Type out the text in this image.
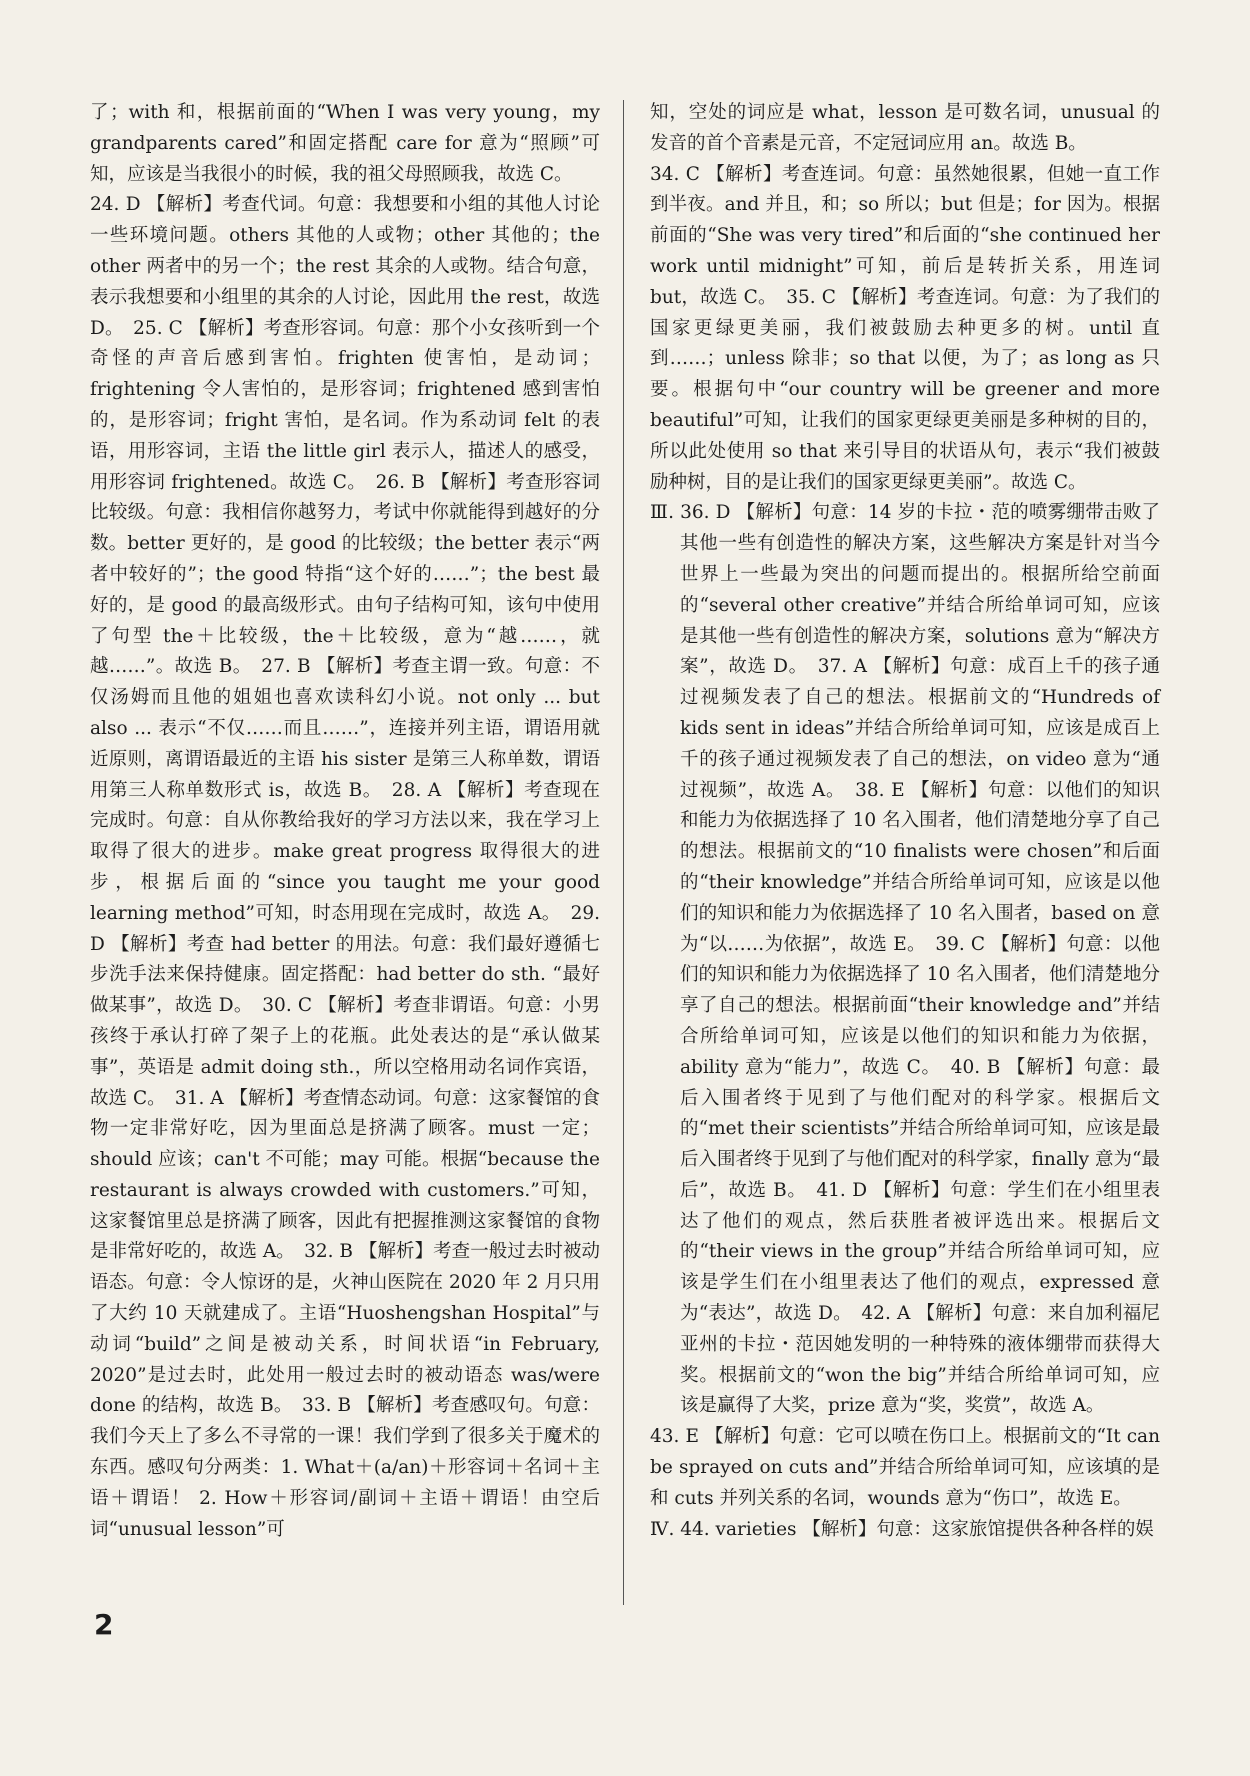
了；with 和，根据前面的“When I was very young，my grandparents cared”和固定搭配 care for 意为“照顾”可知，应该是当我很小的时候，我的祖父母照顾我，故选 C。

24. D 【解析】考查代词。句意：我想要和小组的其他人讨论一些环境问题。others 其他的人或物；other 其他的；the other 两者中的另一个；the rest 其余的人或物。结合句意，表示我想要和小组里的其余的人讨论，因此用 the rest，故选 D。　25. C 【解析】考查形容词。句意：那个小女孩听到一个奇怪的声音后感到害怕。frighten 使害怕，是动词；frightening 令人害怕的，是形容词；frightened 感到害怕的，是形容词；fright 害怕，是名词。作为系动词 felt 的表语，用形容词，主语 the little girl 表示人，描述人的感受，用形容词 frightened。故选 C。　26. B 【解析】考查形容词比较级。句意：我相信你越努力，考试中你就能得到越好的分数。better 更好的，是 good 的比较级；the better 表示“两者中较好的”；the good 特指“这个好的……”；the best 最好的，是 good 的最高级形式。由句子结构可知，该句中使用了句型 the＋比较级，the＋比较级，意为“越……，就越……”。故选 B。　27. B 【解析】考查主谓一致。句意：不仅汤姆而且他的姐姐也喜欢读科幻小说。not only ... but also ... 表示“不仅……而且……”，连接并列主语，谓语用就近原则，离谓语最近的主语 his sister 是第三人称单数，谓语用第三人称单数形式 is，故选 B。　28. A 【解析】考查现在完成时。句意：自从你教给我好的学习方法以来，我在学习上取得了很大的进步。make great progress 取得很大的进步，根据后面的“since you taught me your good learning method”可知，时态用现在完成时，故选 A。　29. D 【解析】考查 had better 的用法。句意：我们最好遵循七步洗手法来保持健康。固定搭配：had better do sth. “最好做某事”，故选 D。　30. C 【解析】考查非谓语。句意：小男孩终于承认打碎了架子上的花瓶。此处表达的是“承认做某事”，英语是 admit doing sth.，所以空格用动名词作宾语，故选 C。　31. A 【解析】考查情态动词。句意：这家餐馆的食物一定非常好吃，因为里面总是挤满了顾客。must 一定；should 应该；can't 不可能；may 可能。根据“because the restaurant is always crowded with customers.”可知，这家餐馆里总是挤满了顾客，因此有把握推测这家餐馆的食物是非常好吃的，故选 A。　32. B 【解析】考查一般过去时被动语态。句意：令人惊讶的是，火神山医院在 2020 年 2 月只用了大约 10 天就建成了。主语“Huoshengshan Hospital”与动词“build”之间是被动关系，时间状语“in February, 2020”是过去时，此处用一般过去时的被动语态 was/were done 的结构，故选 B。　33. B 【解析】考查感叹句。句意：我们今天上了多么不寻常的一课！我们学到了很多关于魔术的东西。感叹句分两类：1. What＋(a/an)＋形容词＋名词＋主语＋谓语！ 2. How＋形容词/副词＋主语＋谓语！由空后词“unusual lesson”可

知，空处的词应是 what，lesson 是可数名词，unusual 的发音的首个音素是元音，不定冠词应用 an。故选 B。

34. C 【解析】考查连词。句意：虽然她很累，但她一直工作到半夜。and 并且，和；so 所以；but 但是；for 因为。根据前面的“She was very tired”和后面的“she continued her work until midnight”可知，前后是转折关系，用连词 but，故选 C。　35. C 【解析】考查连词。句意：为了我们的国家更绿更美丽，我们被鼓励去种更多的树。until 直到……；unless 除非；so that 以便，为了；as long as 只要。根据句中“our country will be greener and more beautiful”可知，让我们的国家更绿更美丽是多种树的目的，所以此处使用 so that 来引导目的状语从句，表示“我们被鼓励种树，目的是让我们的国家更绿更美丽”。故选 C。

Ⅲ. 36. D 【解析】句意：14 岁的卡拉・范的喷雾绷带击败了其他一些有创造性的解决方案，这些解决方案是针对当今世界上一些最为突出的问题而提出的。根据所给空前面的“several other creative”并结合所给单词可知，应该是其他一些有创造性的解决方案，solutions 意为“解决方案”，故选 D。　37. A 【解析】句意：成百上千的孩子通过视频发表了自己的想法。根据前文的“Hundreds of kids sent in ideas”并结合所给单词可知，应该是成百上千的孩子通过视频发表了自己的想法，on video 意为“通过视频”，故选 A。　38. E 【解析】句意：以他们的知识和能力为依据选择了 10 名入围者，他们清楚地分享了自己的想法。根据前文的“10 finalists were chosen”和后面的“their knowledge”并结合所给单词可知，应该是以他们的知识和能力为依据选择了 10 名入围者，based on 意为“以……为依据”，故选 E。　39. C 【解析】句意：以他们的知识和能力为依据选择了 10 名入围者，他们清楚地分享了自己的想法。根据前面“their knowledge and”并结合所给单词可知，应该是以他们的知识和能力为依据，ability 意为“能力”，故选 C。　40. B 【解析】句意：最后入围者终于见到了与他们配对的科学家。根据后文的“met their scientists”并结合所给单词可知，应该是最后入围者终于见到了与他们配对的科学家，finally 意为“最后”，故选 B。　41. D 【解析】句意：学生们在小组里表达了他们的观点，然后获胜者被评选出来。根据后文的“their views in the group”并结合所给单词可知，应该是学生们在小组里表达了他们的观点，expressed 意为“表达”，故选 D。　42. A 【解析】句意：来自加利福尼亚州的卡拉・范因她发明的一种特殊的液体绷带而获得大奖。根据前文的“won the big”并结合所给单词可知，应该是赢得了大奖，prize 意为“奖，奖赏”，故选 A。

43. E 【解析】句意：它可以喷在伤口上。根据前文的“It can be sprayed on cuts and”并结合所给单词可知，应该填的是和 cuts 并列关系的名词，wounds 意为“伤口”，故选 E。

Ⅳ. 44. varieties 【解析】句意：这家旅馆提供各种各样的娱

2
